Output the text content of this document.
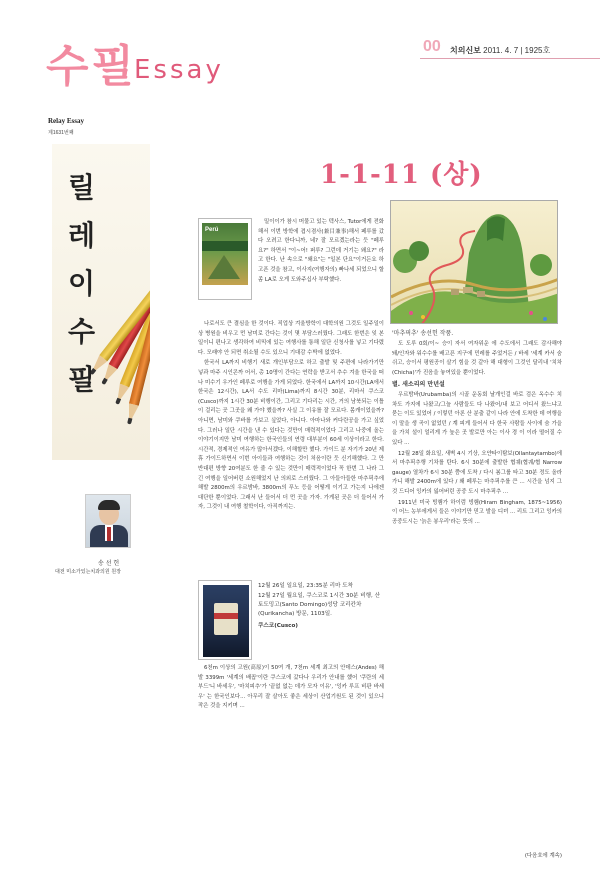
수필
Essay
00 치의신보 2011. 4. 7 | 1925호
Relay Essay
제1631번째
릴
레
이
수
필
송 선 헌
대전 미소가있는치과의원 원장
1-1-11 (상)
Perú
'마추픽추' 송선헌 작품.

밀이이가 참시 머물고 있는 텍사스, Tutor에게 전화해서 이번 방학에 겹시겸사(兼目兼事)해서 페루를 갔다 오려고 한다니까, 네? 잘 모르겠는라는 듯 "페루요?" 하면서 "이~어! 퍼루? 그런데 거기는 왜요?" 라고 한다. 난 속으로 "왜요"는 "일본 단요"이거든요 하고픈 것을 참고, 이사지(여행자의) 빠나세 되었으니 할 좀 LA로 오게 도와주십사 부탁했다.

나로서도 큰 결심을 한 것이다. 직업상 겨울방학이 대학의원 그것도 일주일이상 병원을 비우고 먼 남미로 간다는 것이 몇 부담스러웠다. 그래도 한번은 잊 본 일이니 편나고 생각하여 비믹에 있는 여행사를 통해 일단 신청사를 넣고 기다렸다. 모래야 안 되면 취소될 수도 있으니 기대감 수박에 없었다.

한국서 LA까지 비행기 새로 개인부담으로 하고 출발 및 주편에 나라가기만 넣과 마주 시인콘까 어서, 총 10명이 간다는 연락을 받고서 추수 겨울 한국을 떠나 미수기 우가인 페루로 여행을 가게 되었다. 한국에서 LA까지 10시간(LA에서 한국은 12시간), LA서 수도 리마(Lima)까지 8시간 30분, 리마서 쿠스코(Cusco)까지 1시간 30분 비행이간, 그리고 기다리는 시간, 거의 남북되는 이틀이 걸리는 곳 그곳을 왜 가야 했을까? 사실 그 이유를 잘 모르다. 몸캐이었을까? 아니면, 남미와 쿠바를 가보고 싶었다, 아니다. 아마나와 커다란공을 가고 싶었다. 그러나 일단 시간을 낸 수 있다는 것만이 매력적이었다 그리고 나중에 올는 이야기이지만 남미 여행하는 한국인들의 연령 대부분이 60세 이상이라고 한다. 시간적, 경제적인 여유가 많아서겠다, 이해할만 했다. 가이드 분 자기가 20년 제휴 가이드하면서 이번 아이들과 여행하는 것이 처음이란 듯 신기해했다. 그 만 반대편 방향 20여분도 한 줄 수 있는 것만이 매력적이었다 꼭 한번 그 나라 그 긴 여행을 일어버린 소원해었지 난 의외로 스러웠다. 그 아들아들한 마추픽추에 해발 2800m의 우르밤바, 3800m의 푸노 등을 어떻게 이기고 가는지 나에겐 대단한 뿐이었다. 그래서 난 들어서 더 먼 곳을 가자. 가게된 곳은 더 들어서 가자, 그것이 내 여행 철학이다, 아직까지는.

12월 26일 일요일, 23:35분 리마 도착

12월 27일 월요일, 쿠스코로 1시간 30분 비행, 산토도밍고(Santo Domingo)성당 코리칸차(Qurikancha) 방문, 1103일.

쿠스코(Cusco)

6천m 이상의 고원(高原)이 50여 개, 7천m 세계 최고의 안데스(Andes) 해발 3399m '세계의 배꼽'이란 쿠스코에 갔다나 우리가 안내를 했어 '쿠란의 세부드'니 바세우', '마치피추'가 '끝없 없는 데가 모자 이유', '잉카 루프 비판 바세우' 는 한국인보다... 아무리 잘 살아도 좋은 세상이 산업기원도 된 것이 있으니 작은 것을 지키며 ...

도 도루 0회/이~ 승이 자서 여자위운 에 수도에서 그래도 감사해야 돼/인자와 워수수를 배고픈 지구에 민레를 주었거든 / 바세 '세계 카서 숨쉬고, 승이서 평원공이 살기 힘을 것 같아 해 대형이 그것인 달리내 '치차(Chicha)'가 진음을 놓여있을 뿐이었다.

별. 새소리의 만년설

우르밤바(Urubamba)의 시골 운동회 날개인걸 바로 검은 옥수수 치차도 가지에 나왔고/그늘 사람들도 다 나왔어/내 보고 어디서 왔느냐고 묻는 이도 있었어 / 이렇던 아론 산 분출 같이 나라 안에 도착한 데 여행을 이 말을 생 곡이 없었던 / 계 피게 들어서 다 한국 사람들 사이에 숨 가을을 가치 설이 얼리게 가 높은 곳 발로만 아는 이사 경 이 이라 떨어질 수 있다 ...

12월 28일 화요일, 새벽 4시 기상, 오얀타이탐보(Ollantaytambo)에서 마추픽추행 기차를 탄다. 6시 30분에 출발한 협궤(협궤/협 Narrow gauge) 열차가 6시 30분 쯤에 도착 / 다시 봄그룹 타고 30분 정도 올라가니 해발 2400m에 있다 / 왜 페루는 마추픽추를 큰 ... 시간을 넘지 그것 드디어 잉카의 잃어버린 공중 도시 마추픽추 ...

1911년 미국 빙햄가 하이럼 빙햄(Hiram Bingham, 1875~1956)이 어느 농부에게서 들은 이야기만 믿고 발을 디뎌 ... 리트 그리고 잉카의 공중도시는 '늙은 봉우리'라는 뜻의 ...

(다음호에 계속)
